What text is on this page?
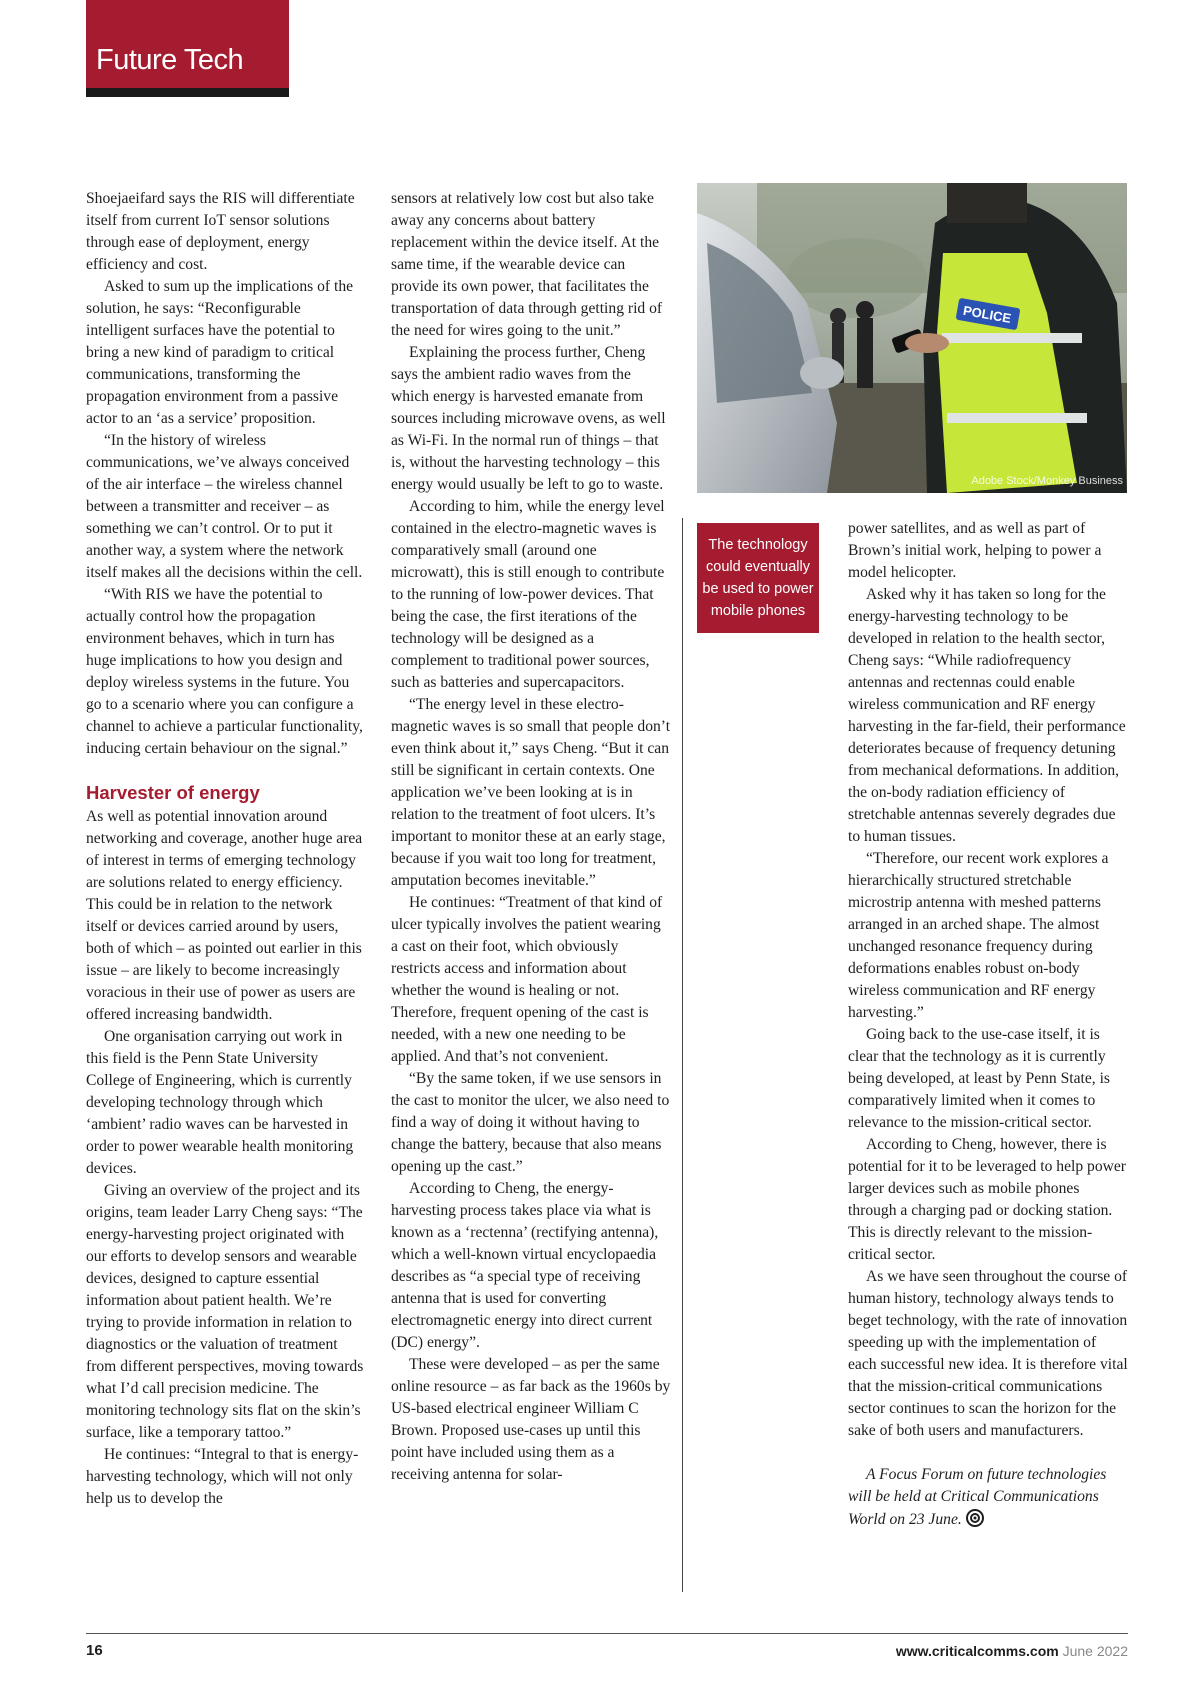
Future Tech

Shoejaeifard says the RIS will differentiate itself from current IoT sensor solutions through ease of deployment, energy efficiency and cost.

Asked to sum up the implications of the solution, he says: “Reconfigurable intelligent surfaces have the potential to bring a new kind of paradigm to critical communications, transforming the propagation environment from a passive actor to an ‘as a service’ proposition.

“In the history of wireless communications, we’ve always conceived of the air interface – the wireless channel between a transmitter and receiver – as something we can’t control. Or to put it another way, a system where the network itself makes all the decisions within the cell.

“With RIS we have the potential to actually control how the propagation environment behaves, which in turn has huge implications to how you design and deploy wireless systems in the future. You go to a scenario where you can configure a channel to achieve a particular functionality, inducing certain behaviour on the signal.”

Harvester of energy

As well as potential innovation around networking and coverage, another huge area of interest in terms of emerging technology are solutions related to energy efficiency. This could be in relation to the network itself or devices carried around by users, both of which – as pointed out earlier in this issue – are likely to become increasingly voracious in their use of power as users are offered increasing bandwidth.

One organisation carrying out work in this field is the Penn State University College of Engineering, which is currently developing technology through which ‘ambient’ radio waves can be harvested in order to power wearable health monitoring devices.

Giving an overview of the project and its origins, team leader Larry Cheng says: “The energy-harvesting project originated with our efforts to develop sensors and wearable devices, designed to capture essential information about patient health. We’re trying to provide information in relation to diagnostics or the valuation of treatment from different perspectives, moving towards what I’d call precision medicine. The monitoring technology sits flat on the skin’s surface, like a temporary tattoo.”

He continues: “Integral to that is energy-harvesting technology, which will not only help us to develop the

sensors at relatively low cost but also take away any concerns about battery replacement within the device itself. At the same time, if the wearable device can provide its own power, that facilitates the transportation of data through getting rid of the need for wires going to the unit.”

Explaining the process further, Cheng says the ambient radio waves from the which energy is harvested emanate from sources including microwave ovens, as well as Wi-Fi. In the normal run of things – that is, without the harvesting technology – this energy would usually be left to go to waste.

According to him, while the energy level contained in the electro-magnetic waves is comparatively small (around one microwatt), this is still enough to contribute to the running of low-power devices. That being the case, the first iterations of the technology will be designed as a complement to traditional power sources, such as batteries and supercapacitors.

“The energy level in these electro-magnetic waves is so small that people don’t even think about it,” says Cheng. “But it can still be significant in certain contexts. One application we’ve been looking at is in relation to the treatment of foot ulcers. It’s important to monitor these at an early stage, because if you wait too long for treatment, amputation becomes inevitable.”

He continues: “Treatment of that kind of ulcer typically involves the patient wearing a cast on their foot, which obviously restricts access and information about whether the wound is healing or not. Therefore, frequent opening of the cast is needed, with a new one needing to be applied. And that’s not convenient.

“By the same token, if we use sensors in the cast to monitor the ulcer, we also need to find a way of doing it without having to change the battery, because that also means opening up the cast.”

According to Cheng, the energy-harvesting process takes place via what is known as a ‘rectenna’ (rectifying antenna), which a well-known virtual encyclopaedia describes as “a special type of receiving antenna that is used for converting electromagnetic energy into direct current (DC) energy”.

These were developed – as per the same online resource – as far back as the 1960s by US-based electrical engineer William C Brown. Proposed use-cases up until this point have included using them as a receiving antenna for solar-

POLICE
Adobe Stock/Monkey Business
The technology could eventually be used to power mobile phones

power satellites, and as well as part of Brown’s initial work, helping to power a model helicopter.

Asked why it has taken so long for the energy-harvesting technology to be developed in relation to the health sector, Cheng says: “While radiofrequency antennas and rectennas could enable wireless communication and RF energy harvesting in the far-field, their performance deteriorates because of frequency detuning from mechanical deformations. In addition, the on-body radiation efficiency of stretchable antennas severely degrades due to human tissues.

“Therefore, our recent work explores a hierarchically structured stretchable microstrip antenna with meshed patterns arranged in an arched shape. The almost unchanged resonance frequency during deformations enables robust on-body wireless communication and RF energy harvesting.”

Going back to the use-case itself, it is clear that the technology as it is currently being developed, at least by Penn State, is comparatively limited when it comes to relevance to the mission-critical sector.

According to Cheng, however, there is potential for it to be leveraged to help power larger devices such as mobile phones through a charging pad or docking station. This is directly relevant to the mission-critical sector.

As we have seen throughout the course of human history, technology always tends to beget technology, with the rate of innovation speeding up with the implementation of each successful new idea. It is therefore vital that the mission-critical communications sector continues to scan the horizon for the sake of both users and manufacturers.

A Focus Forum on future technologies will be held at Critical Communications World on 23 June.

16	www.criticalcomms.com June 2022
